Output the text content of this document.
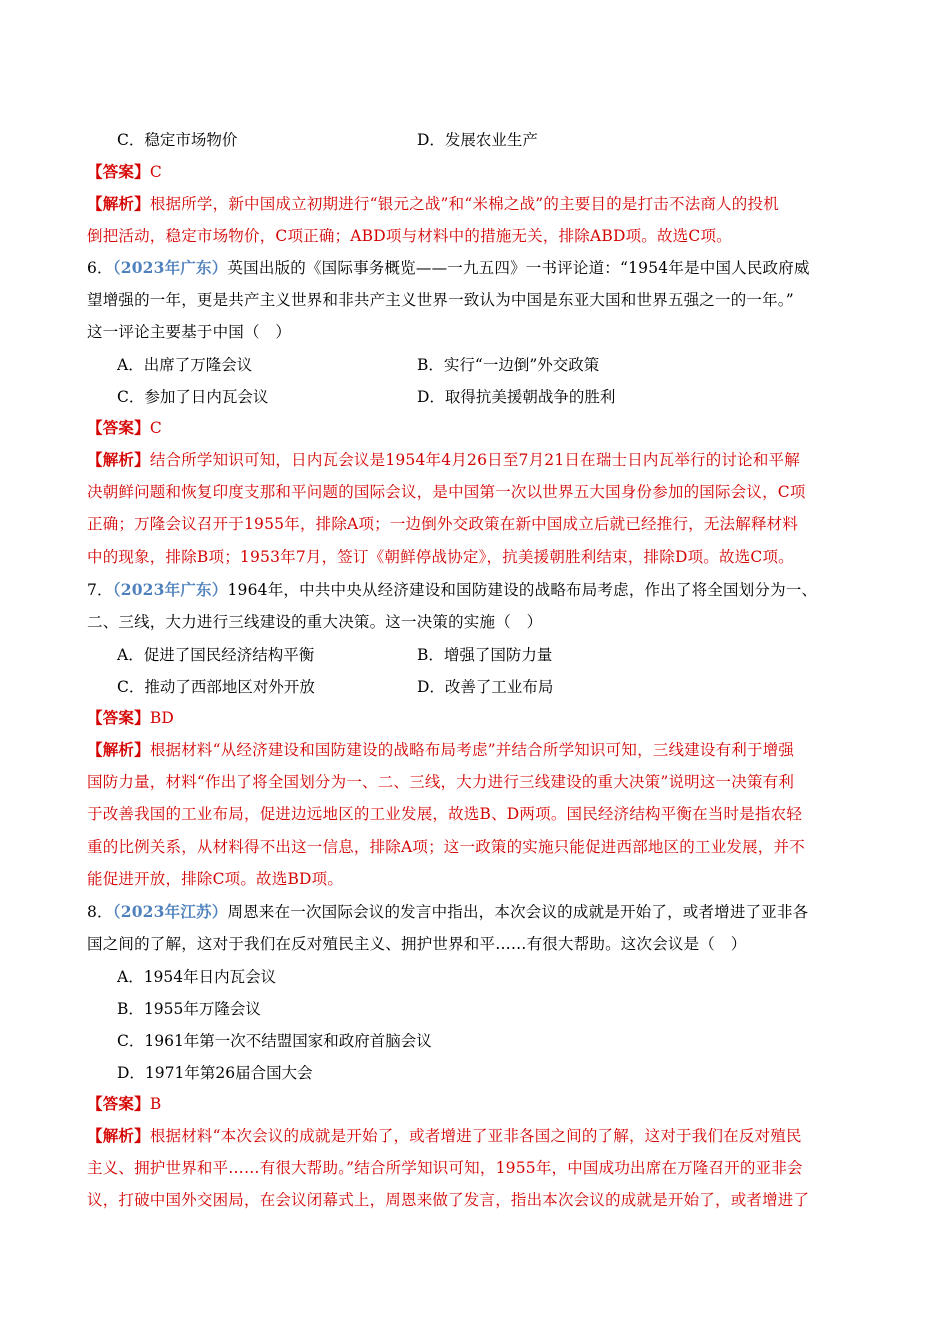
C．稳定市场物价	D．发展农业生产
【答案】C
【解析】根据所学，新中国成立初期进行“银元之战”和“米棉之战”的主要目的是打击不法商人的投机
倒把活动，稳定市场物价，C项正确；ABD项与材料中的措施无关，排除ABD项。故选C项。
6．（2023年广东）英国出版的《国际事务概览——一九五四》一书评论道：“1954年是中国人民政府威
望增强的一年，更是共产主义世界和非共产主义世界一致认为中国是东亚大国和世界五强之一的一年。”
这一评论主要基于中国（　）
A．出席了万隆会议	B．实行“一边倒”外交政策
C．参加了日内瓦会议	D．取得抗美援朝战争的胜利
【答案】C
【解析】结合所学知识可知，日内瓦会议是1954年4月26日至7月21日在瑞士日内瓦举行的讨论和平解
决朝鲜问题和恢复印度支那和平问题的国际会议，是中国第一次以世界五大国身份参加的国际会议，C项
正确；万隆会议召开于1955年，排除A项；一边倒外交政策在新中国成立后就已经推行，无法解释材料
中的现象，排除B项；1953年7月，签订《朝鲜停战协定》，抗美援朝胜利结束，排除D项。故选C项。
7．（2023年广东）1964年，中共中央从经济建设和国防建设的战略布局考虑，作出了将全国划分为一、
二、三线，大力进行三线建设的重大决策。这一决策的实施（　）
A．促进了国民经济结构平衡	B．增强了国防力量
C．推动了西部地区对外开放	D．改善了工业布局
【答案】BD
【解析】根据材料“从经济建设和国防建设的战略布局考虑”并结合所学知识可知，三线建设有利于增强
国防力量，材料“作出了将全国划分为一、二、三线，大力进行三线建设的重大决策”说明这一决策有利
于改善我国的工业布局，促进边远地区的工业发展，故选B、D两项。国民经济结构平衡在当时是指农轻
重的比例关系，从材料得不出这一信息，排除A项；这一政策的实施只能促进西部地区的工业发展，并不
能促进开放，排除C项。故选BD项。
8．（2023年江苏）周恩来在一次国际会议的发言中指出，本次会议的成就是开始了，或者增进了亚非各
国之间的了解，这对于我们在反对殖民主义、拥护世界和平……有很大帮助。这次会议是（　）
A．1954年日内瓦会议
B．1955年万隆会议
C．1961年第一次不结盟国家和政府首脑会议
D．1971年第26届合国大会
【答案】B
【解析】根据材料“本次会议的成就是开始了，或者增进了亚非各国之间的了解，这对于我们在反对殖民
主义、拥护世界和平……有很大帮助。”结合所学知识可知，1955年，中国成功出席在万隆召开的亚非会
议，打破中国外交困局，在会议闭幕式上，周恩来做了发言，指出本次会议的成就是开始了，或者增进了
